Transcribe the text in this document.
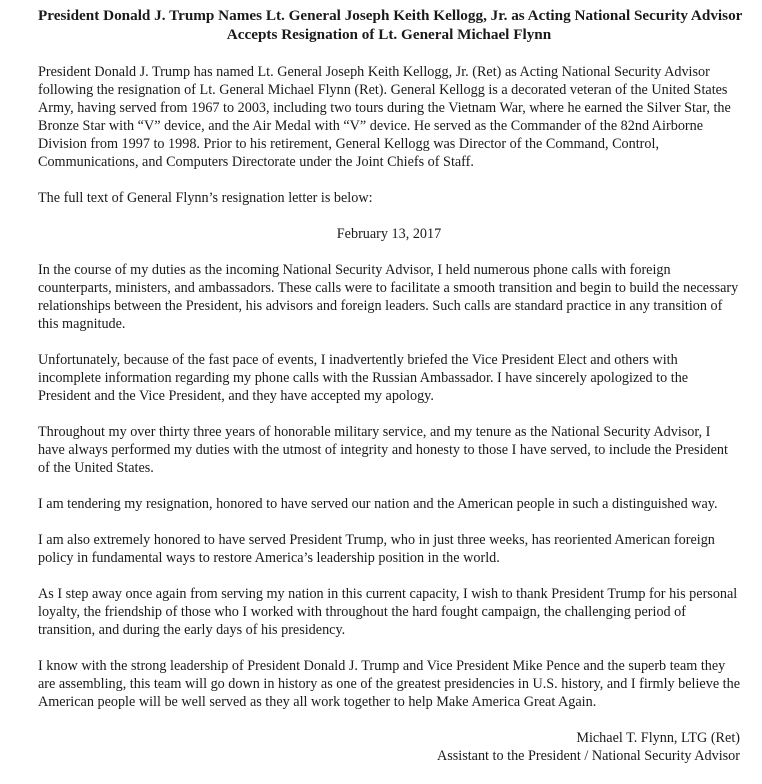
President Donald J. Trump Names Lt. General Joseph Keith Kellogg, Jr. as Acting National Security Advisor
Accepts Resignation of Lt. General Michael Flynn

President Donald J. Trump has named Lt. General Joseph Keith Kellogg, Jr. (Ret) as Acting National Security Advisor following the resignation of Lt. General Michael Flynn (Ret). General Kellogg is a decorated veteran of the United States Army, having served from 1967 to 2003, including two tours during the Vietnam War, where he earned the Silver Star, the Bronze Star with “V” device, and the Air Medal with “V” device. He served as the Commander of the 82nd Airborne Division from 1997 to 1998. Prior to his retirement, General Kellogg was Director of the Command, Control, Communications, and Computers Directorate under the Joint Chiefs of Staff.

The full text of General Flynn’s resignation letter is below:

February 13, 2017

In the course of my duties as the incoming National Security Advisor, I held numerous phone calls with foreign counterparts, ministers, and ambassadors. These calls were to facilitate a smooth transition and begin to build the necessary relationships between the President, his advisors and foreign leaders. Such calls are standard practice in any transition of this magnitude.

Unfortunately, because of the fast pace of events, I inadvertently briefed the Vice President Elect and others with incomplete information regarding my phone calls with the Russian Ambassador. I have sincerely apologized to the President and the Vice President, and they have accepted my apology.

Throughout my over thirty three years of honorable military service, and my tenure as the National Security Advisor, I have always performed my duties with the utmost of integrity and honesty to those I have served, to include the President of the United States.

I am tendering my resignation, honored to have served our nation and the American people in such a distinguished way.

I am also extremely honored to have served President Trump, who in just three weeks, has reoriented American foreign policy in fundamental ways to restore America’s leadership position in the world.

As I step away once again from serving my nation in this current capacity, I wish to thank President Trump for his personal loyalty, the friendship of those who I worked with throughout the hard fought campaign, the challenging period of transition, and during the early days of his presidency.

I know with the strong leadership of President Donald J. Trump and Vice President Mike Pence and the superb team they are assembling, this team will go down in history as one of the greatest presidencies in U.S. history, and I firmly believe the American people will be well served as they all work together to help Make America Great Again.

Michael T. Flynn, LTG (Ret)
Assistant to the President / National Security Advisor
